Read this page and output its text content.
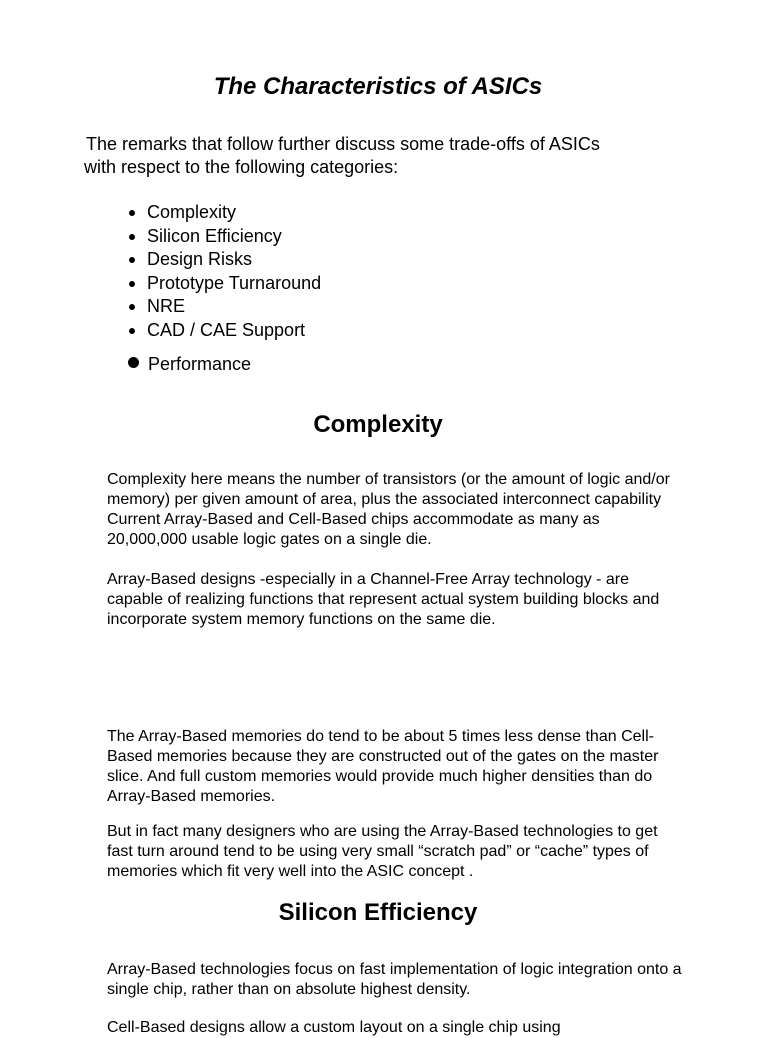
The Characteristics of ASICs
The remarks that follow further discuss some trade-offs of ASICs
with respect to the following categories:
Complexity
Silicon Efficiency
Design Risks
Prototype Turnaround
NRE
CAD / CAE Support
Performance
Complexity
Complexity here means the number of transistors (or the amount of logic and/or
memory) per given amount of area, plus the associated interconnect capability
Current Array-Based and Cell-Based chips accommodate as many as
20,000,000 usable logic gates on a single die.
Array-Based designs -especially in a Channel-Free Array technology - are
capable of realizing functions that represent actual system building blocks and
incorporate system memory functions on the same die.
The Array-Based memories do tend to be about 5 times less dense than Cell-
Based memories because they are constructed out of the gates on the master
slice. And full custom memories would provide much higher densities than do
Array-Based memories.
But in fact many designers who are using the Array-Based technologies to get
fast turn around tend to be using very small “scratch pad” or “cache” types of
memories which fit very well into the ASIC concept .
Silicon Efficiency
Array-Based technologies focus on fast implementation of logic integration onto a
single chip, rather than on absolute highest density.
Cell-Based designs allow a custom layout on a single chip using
